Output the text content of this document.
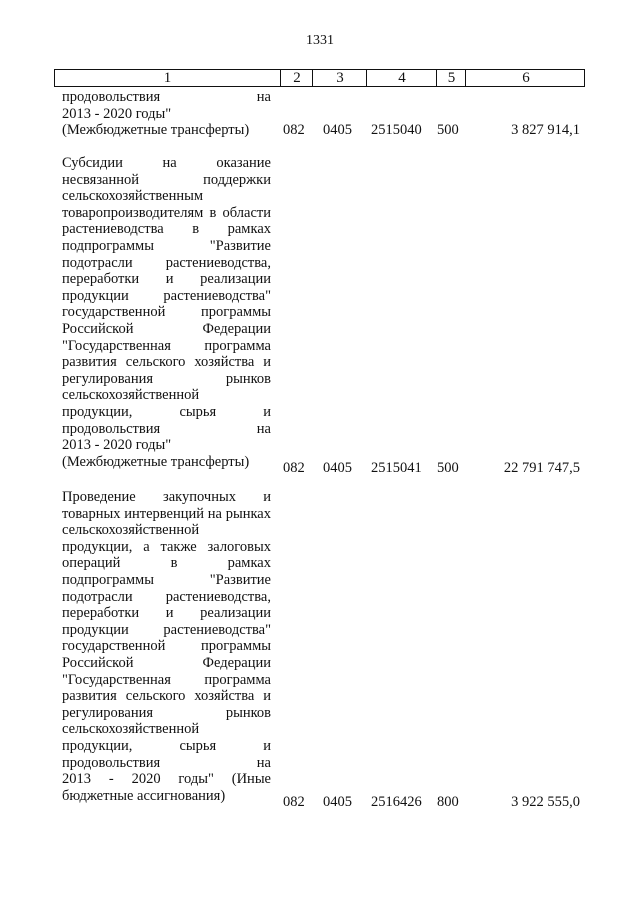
1331
1	2	3	4	5	6
продовольствия на
2013 - 2020 годы"
(Межбюджетные трансферты)	082 0405 2515040 500	3 827 914,1
Субсидии на оказание
несвязанной поддержки
сельскохозяйственным
товаропроизводителям в области
растениеводства в рамках
подпрограммы "Развитие
подотрасли растениеводства,
переработки и реализации
продукции растениеводства"
государственной программы
Российской Федерации
"Государственная программа
развития сельского хозяйства и
регулирования рынков
сельскохозяйственной
продукции, сырья и
продовольствия на
2013 - 2020 годы"
(Межбюджетные трансферты)	082 0405 2515041 500	22 791 747,5
Проведение закупочных и
товарных интервенций на рынках
сельскохозяйственной
продукции, а также залоговых
операций в рамках
подпрограммы "Развитие
подотрасли растениеводства,
переработки и реализации
продукции растениеводства"
государственной программы
Российской Федерации
"Государственная программа
развития сельского хозяйства и
регулирования рынков
сельскохозяйственной
продукции, сырья и
продовольствия на
2013 - 2020 годы" (Иные
бюджетные ассигнования)	082 0405 2516426 800	3 922 555,0
